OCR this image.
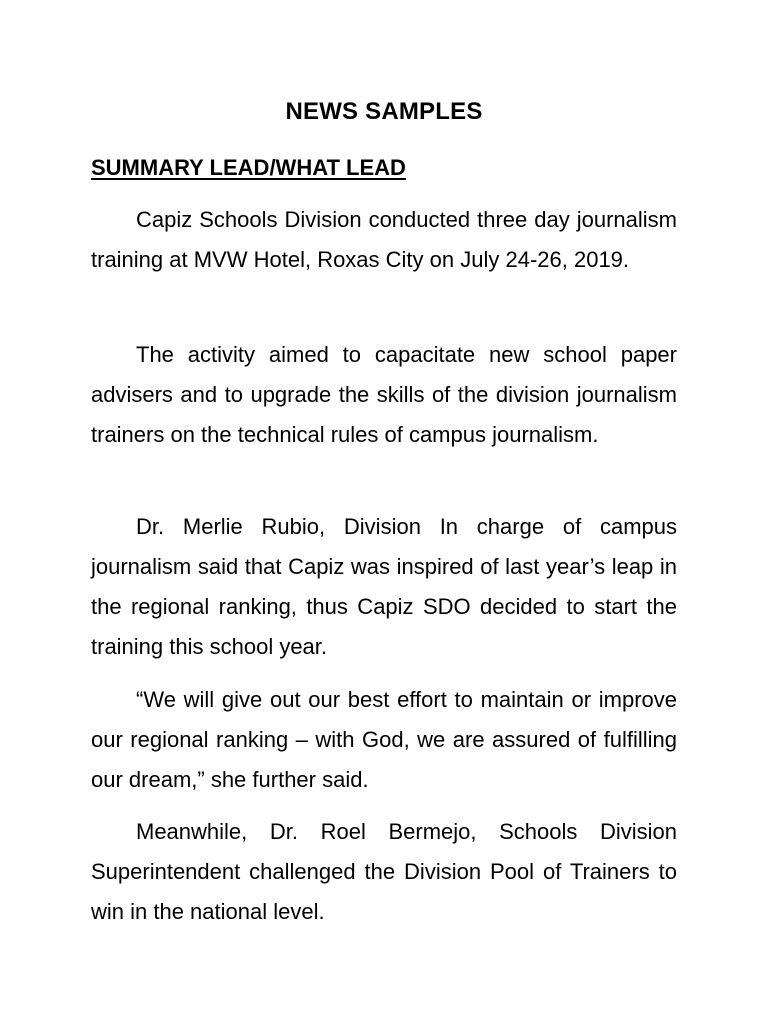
NEWS SAMPLES
SUMMARY LEAD/WHAT LEAD

Capiz Schools Division conducted three day journalism training at MVW Hotel, Roxas City on July 24-26, 2019.

The activity aimed to capacitate new school paper advisers and to upgrade the skills of the division journalism trainers on the technical rules of campus journalism.

Dr. Merlie Rubio, Division In charge of campus journalism said that Capiz was inspired of last year’s leap in the regional ranking, thus Capiz SDO decided to start the training this school year.

“We will give out our best effort to maintain or improve our regional ranking – with God, we are assured of fulfilling our dream,” she further said.

Meanwhile, Dr. Roel Bermejo, Schools Division Superintendent challenged the Division Pool of Trainers to win in the national level.
